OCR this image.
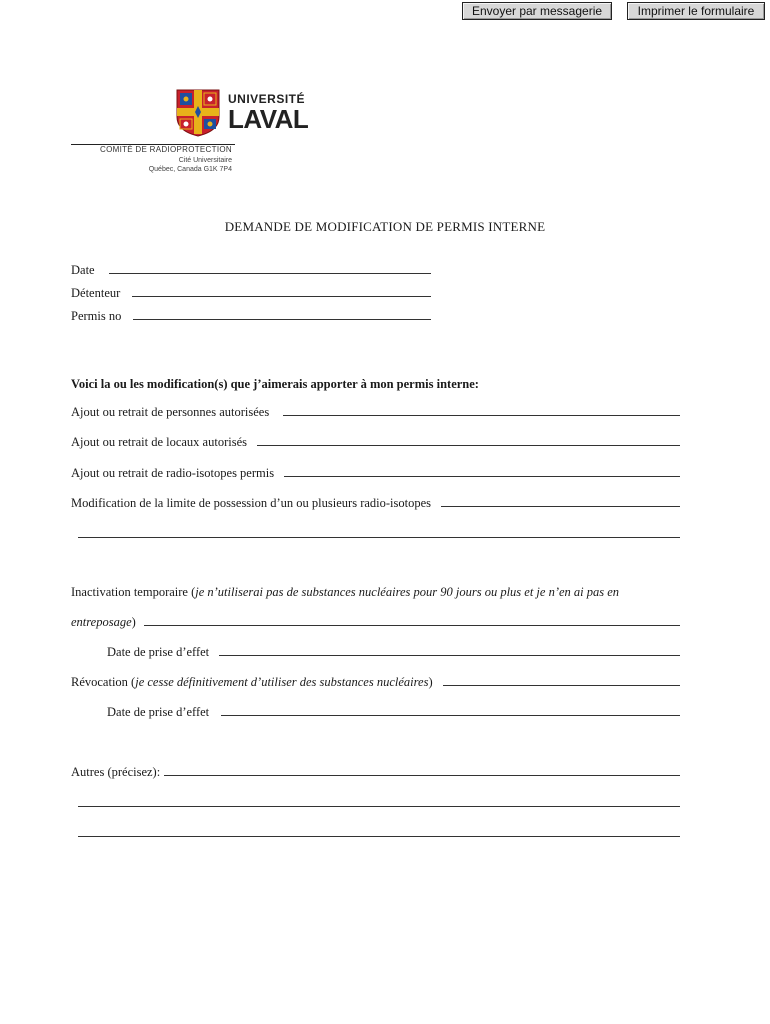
Envoyer par messagerie	Imprimer le formulaire
UNIVERSITÉ
LAVAL
COMITÉ DE RADIOPROTECTION
Cité Universitaire
Québec, Canada G1K 7P4
DEMANDE DE MODIFICATION DE PERMIS INTERNE
Date
Détenteur
Permis no
Voici la ou les modification(s) que j’aimerais apporter à mon permis interne:
Ajout ou retrait de personnes autorisées
Ajout ou retrait de locaux autorisés
Ajout ou retrait de radio-isotopes permis
Modification de la limite de possession d’un ou plusieurs radio-isotopes
Inactivation temporaire ( je n’utiliserai pas de substances nucléaires pour 90 jours ou plus et je n’en ai pas en
entreposage )
Date de prise d’effet
Révocation ( je cesse définitivement d’utiliser des substances nucléaires )
Date de prise d’effet
Autres (précisez):
